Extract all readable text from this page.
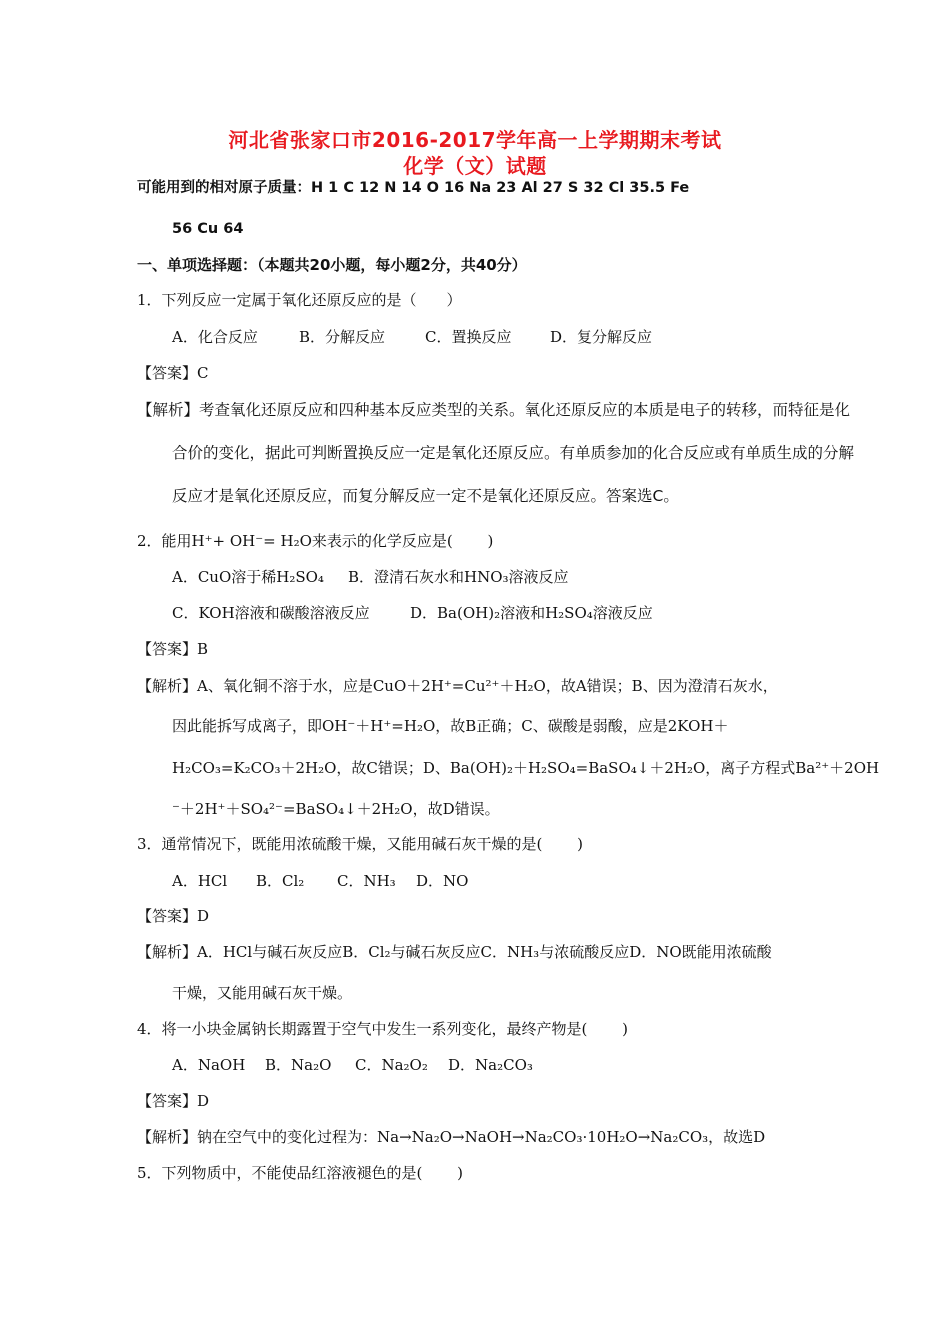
河北省张家口市2016-2017学年高一上学期期末考试
化学（文）试题
可能用到的相对原子质量：H 1 C 12 N 14 O 16 Na 23 Al 27 S 32 Cl 35.5 Fe
56 Cu 64
一、单项选择题：（本题共20小题，每小题2分，共40分）
1．下列反应一定属于氧化还原反应的是（　　）
A．化合反应	B．分解反应	C．置换反应	D．复分解反应
【答案】C
【解析】考查氧化还原反应和四种基本反应类型的关系。氧化还原反应的本质是电子的转移，而特征是化
合价的变化，据此可判断置换反应一定是氧化还原反应。有单质参加的化合反应或有单质生成的分解
反应才是氧化还原反应，而复分解反应一定不是氧化还原反应。答案选C。
2．能用H⁺+ OH⁻= H₂O来表示的化学反应是(　　 )
A．CuO溶于稀H₂SO₄ B．澄清石灰水和HNO₃溶液反应
C．KOH溶液和碳酸溶液反应	D．Ba(OH)₂溶液和H₂SO₄溶液反应
【答案】B
【解析】A、氧化铜不溶于水，应是CuO＋2H⁺=Cu²⁺＋H₂O，故A错误；B、因为澄清石灰水，
因此能拆写成离子，即OH⁻＋H⁺=H₂O，故B正确；C、碳酸是弱酸，应是2KOH＋
H₂CO₃=K₂CO₃＋2H₂O，故C错误；D、Ba(OH)₂＋H₂SO₄=BaSO₄↓＋2H₂O，离子方程式Ba²⁺＋2OH
⁻＋2H⁺＋SO₄²⁻=BaSO₄↓＋2H₂O，故D错误。
3．通常情况下，既能用浓硫酸干燥，又能用碱石灰干燥的是(　　 )
A．HCl B．Cl₂ C．NH₃ D．NO
【答案】D
【解析】A．HCl与碱石灰反应B．Cl₂与碱石灰反应C．NH₃与浓硫酸反应D．NO既能用浓硫酸
干燥，又能用碱石灰干燥。
4．将一小块金属钠长期露置于空气中发生一系列变化，最终产物是(　　 )
A．NaOH B．Na₂O C．Na₂O₂ D．Na₂CO₃
【答案】D
【解析】钠在空气中的变化过程为：Na→Na₂O→NaOH→Na₂CO₃·10H₂O→Na₂CO₃，故选D
5．下列物质中，不能使品红溶液褪色的是(　　 )
